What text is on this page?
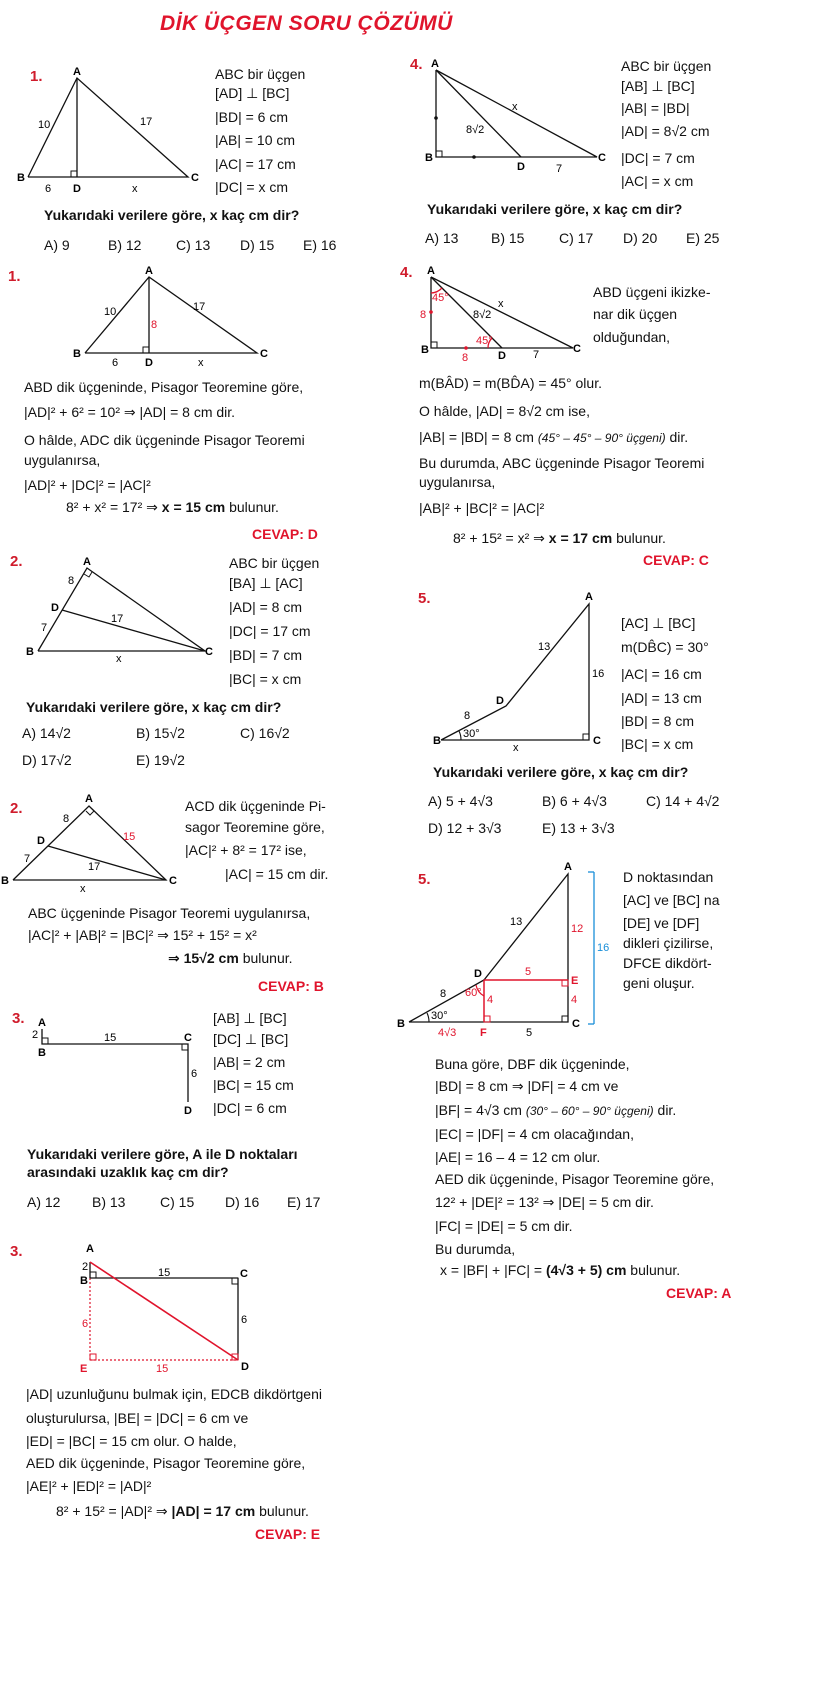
DİK ÜÇGEN SORU ÇÖZÜMÜ
1.	A
B	C
D
10	17
6	x
ABC bir üçgen
[AD] ⊥ [BC]
|BD| = 6 cm
|AB| = 10 cm
|AC| = 17 cm
|DC| = x cm
Yukarıdaki verilere göre, x kaç cm dir?
A) 9	B) 12 C) 13 D) 15 E) 16
1.	A
B	C
D
10	17
8
6	x
ABD dik üçgeninde, Pisagor Teoremine göre,
|AD|² + 6² = 10² ⇒ |AD| = 8 cm dir.
O hâlde, ADC dik üçgeninde Pisagor Teoremi
uygulanırsa,
|AD|² + |DC|² = |AC|²
8² + x² = 17² ⇒ x = 15 cm bulunur.
CEVAP: D
2.	A
B	C
D
8
7
17
x
ABC bir üçgen
[BA] ⊥ [AC]
|AD| = 8 cm
|DC| = 17 cm
|BD| = 7 cm
|BC| = x cm
Yukarıdaki verilere göre, x kaç cm dir?
A) 14√2	B) 15√2	C) 16√2
D) 17√2	E) 19√2
2.
A
B	C
D
8
7
17
15
x
ACD dik üçgeninde Pi-
sagor Teoremine göre,
|AC|² + 8² = 17² ise,
|AC| = 15 cm dir.
ABC üçgeninde Pisagor Teoremi uygulanırsa,
|AC|² + |AB|² = |BC|² ⇒ 15² + 15² = x²
⇒ 15√2 cm bulunur.
CEVAP: B
3. A
B
C
D
2	15
6
[AB] ⊥ [BC]
[DC] ⊥ [BC]
|AB| = 2 cm
|BC| = 15 cm
|DC| = 6 cm
Yukarıdaki verilere göre, A ile D noktaları
arasındaki uzaklık kaç cm dir?
A) 12 B) 13 C) 15 D) 16 E) 17
3.	A
B
C
D
E
2	15
6
6
15
|AD| uzunluğunu bulmak için, EDCB dikdörtgeni
oluşturulursa, |BE| = |DC| = 6 cm ve
|ED| = |BC| = 15 cm olur. O halde,
AED dik üçgeninde, Pisagor Teoremine göre,
|AE|² + |ED|² = |AD|²
8² + 15² = |AD|² ⇒ |AD| = 17 cm bulunur.
CEVAP: E
4. A
B	C
D
8√2
x
7
ABC bir üçgen
[AB] ⊥ [BC]
|AB| = |BD|
|AD| = 8√2 cm
|DC| = 7 cm
|AC| = x cm
Yukarıdaki verilere göre, x kaç cm dir?
A) 13 B) 15 C) 17 D) 20 E) 25
4. A
B	C
D
45°
45°
8
8
8√2
x
7
ABD üçgeni ikizke-
nar dik üçgen
olduğundan,
m(BÂD) = m(BD̂A) = 45° olur.
O hâlde, |AD| = 8√2 cm ise,
|AB| = |BD| = 8 cm (45° – 45° – 90° üçgeni) dir.
Bu durumda, ABC üçgeninde Pisagor Teoremi
uygulanırsa,
|AB|² + |BC|² = |AC|²
8² + 15² = x² ⇒ x = 17 cm bulunur.
CEVAP: C
5.	A
B	C
D
13
16
8
30°
x
[AC] ⊥ [BC]
m(DB̂C) = 30°
|AC| = 16 cm
|AD| = 13 cm
|BD| = 8 cm
|BC| = x cm
Yukarıdaki verilere göre, x kaç cm dir?
A) 5 + 4√3	B) 6 + 4√3	C) 14 + 4√2
D) 12 + 3√3	E) 13 + 3√3
5.
A
B	C
D
E
F
13
12
16
5
4
4
60°
8
30°
4√3	5
D noktasından
[AC] ve [BC] na
[DE] ve [DF]
dikleri çizilirse,
DFCE dikdört-
geni oluşur.
Buna göre, DBF dik üçgeninde,
|BD| = 8 cm ⇒ |DF| = 4 cm ve
|BF| = 4√3 cm (30° – 60° – 90° üçgeni) dir.
|EC| = |DF| = 4 cm olacağından,
|AE| = 16 – 4 = 12 cm olur.
AED dik üçgeninde, Pisagor Teoremine göre,
12² + |DE|² = 13² ⇒ |DE| = 5 cm dir.
|FC| = |DE| = 5 cm dir.
Bu durumda,
x = |BF| + |FC| = (4√3 + 5) cm bulunur.
CEVAP: A
